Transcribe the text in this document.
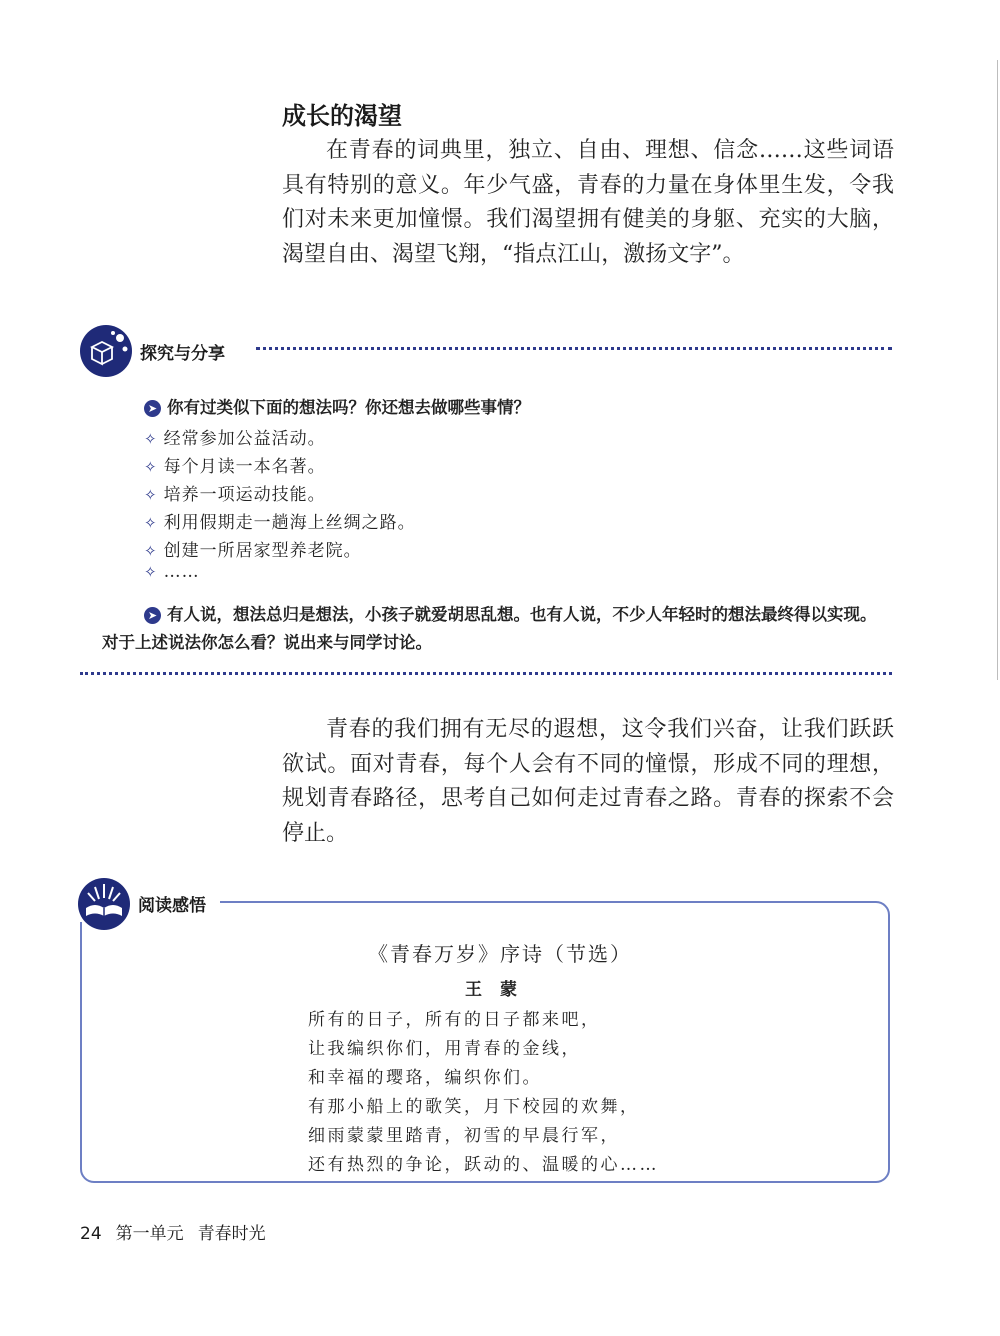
成长的渴望

在青春的词典里，独立、自由、理想、信念……这些词语具有特别的意义。年少气盛，青春的力量在身体里生发，令我们对未来更加憧憬。我们渴望拥有健美的身躯、充实的大脑，渴望自由、渴望飞翔，“指点江山，激扬文字”。

探究与分享
➤ 你有过类似下面的想法吗？你还想去做哪些事情？
✧ 经常参加公益活动。
✧ 每个月读一本名著。
✧ 培养一项运动技能。
✧ 利用假期走一趟海上丝绸之路。
✧ 创建一所居家型养老院。
✧ ……

➤ 有人说，想法总归是想法，小孩子就爱胡思乱想。也有人说，不少人年轻时的想法最终得以实现。对于上述说法你怎么看？说出来与同学讨论。

青春的我们拥有无尽的遐想，这令我们兴奋，让我们跃跃欲试。面对青春，每个人会有不同的憧憬，形成不同的理想，规划青春路径，思考自己如何走过青春之路。青春的探索不会停止。

阅读感悟
《青春万岁》序诗（节选）
王蒙
所有的日子，所有的日子都来吧，
让我编织你们，用青春的金线，
和幸福的璎珞，编织你们。
有那小船上的歌笑，月下校园的欢舞，
细雨蒙蒙里踏青，初雪的早晨行军，
还有热烈的争论，跃动的、温暖的心……
24 第一单元 青春时光
